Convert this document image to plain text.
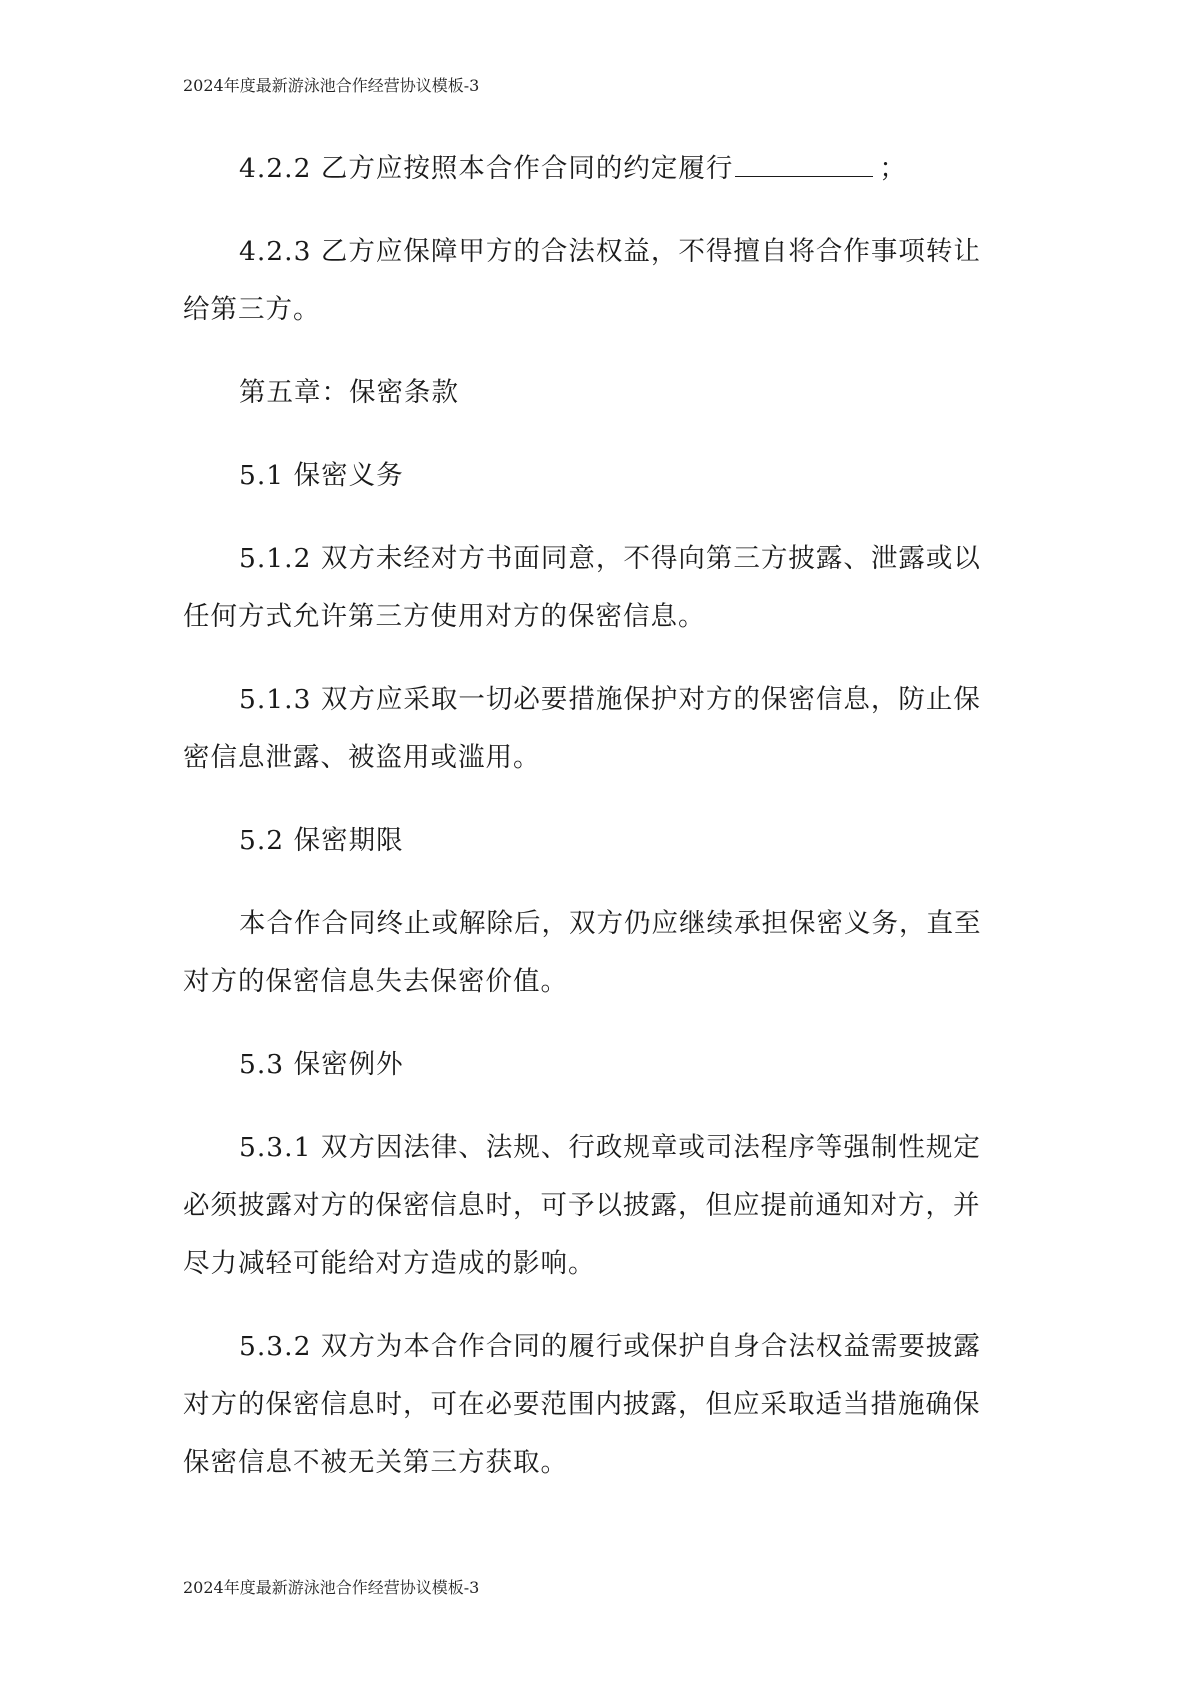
2024年度最新游泳池合作经营协议模板-3

4.2.2 乙方应按照本合作合同的约定履行	；

4.2.3 乙方应保障甲方的合法权益，不得擅自将合作事项转让给第三方。

第五章：保密条款

5.1 保密义务

5.1.2 双方未经对方书面同意，不得向第三方披露、泄露或以任何方式允许第三方使用对方的保密信息。

5.1.3 双方应采取一切必要措施保护对方的保密信息，防止保密信息泄露、被盗用或滥用。

5.2 保密期限

本合作合同终止或解除后，双方仍应继续承担保密义务，直至对方的保密信息失去保密价值。

5.3 保密例外

5.3.1 双方因法律、法规、行政规章或司法程序等强制性规定必须披露对方的保密信息时，可予以披露，但应提前通知对方，并尽力减轻可能给对方造成的影响。

5.3.2 双方为本合作合同的履行或保护自身合法权益需要披露对方的保密信息时，可在必要范围内披露，但应采取适当措施确保保密信息不被无关第三方获取。

2024年度最新游泳池合作经营协议模板-3
